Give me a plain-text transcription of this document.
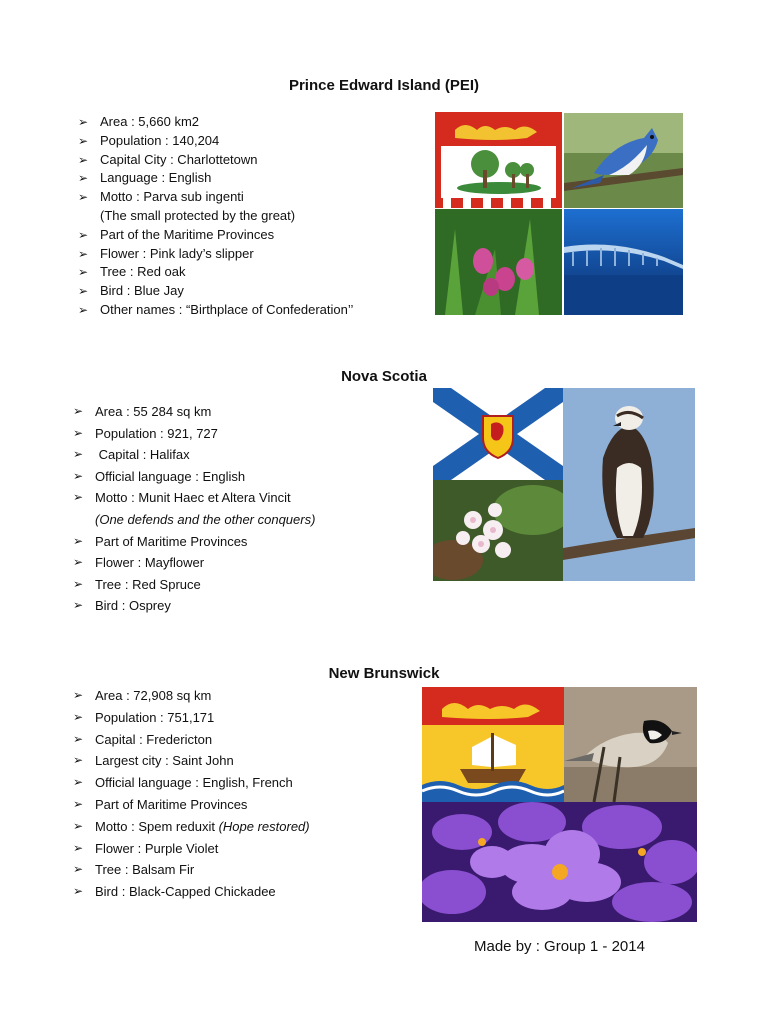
Prince Edward Island (PEI)
➢ Area : 5,660 km2
➢ Population : 140,204
➢ Capital City : Charlottetown
➢ Language : English
➢ Motto : Parva sub ingenti
(The small protected by the great)
➢ Part of the Maritime Provinces
➢ Flower : Pink lady’s slipper
➢ Tree : Red oak
➢ Bird : Blue Jay
➢ Other names : “Birthplace of Confederation’’
Nova Scotia
➢ Area : 55 284 sq km
➢ Population : 921, 727
➢ Capital : Halifax
➢ Official language : English
➢ Motto : Munit Haec et Altera Vincit
(One defends and the other conquers)
➢ Part of Maritime Provinces
➢ Flower : Mayflower
➢ Tree : Red Spruce
➢ Bird : Osprey
New Brunswick
➢ Area : 72,908 sq km
➢ Population : 751,171
➢ Capital : Fredericton
➢ Largest city : Saint John
➢ Official language : English, French
➢ Part of Maritime Provinces
➢ Motto : Spem reduxit (Hope restored)
➢ Flower : Purple Violet
➢ Tree : Balsam Fir
➢ Bird : Black-Capped Chickadee
Made by : Group 1 - 2014
